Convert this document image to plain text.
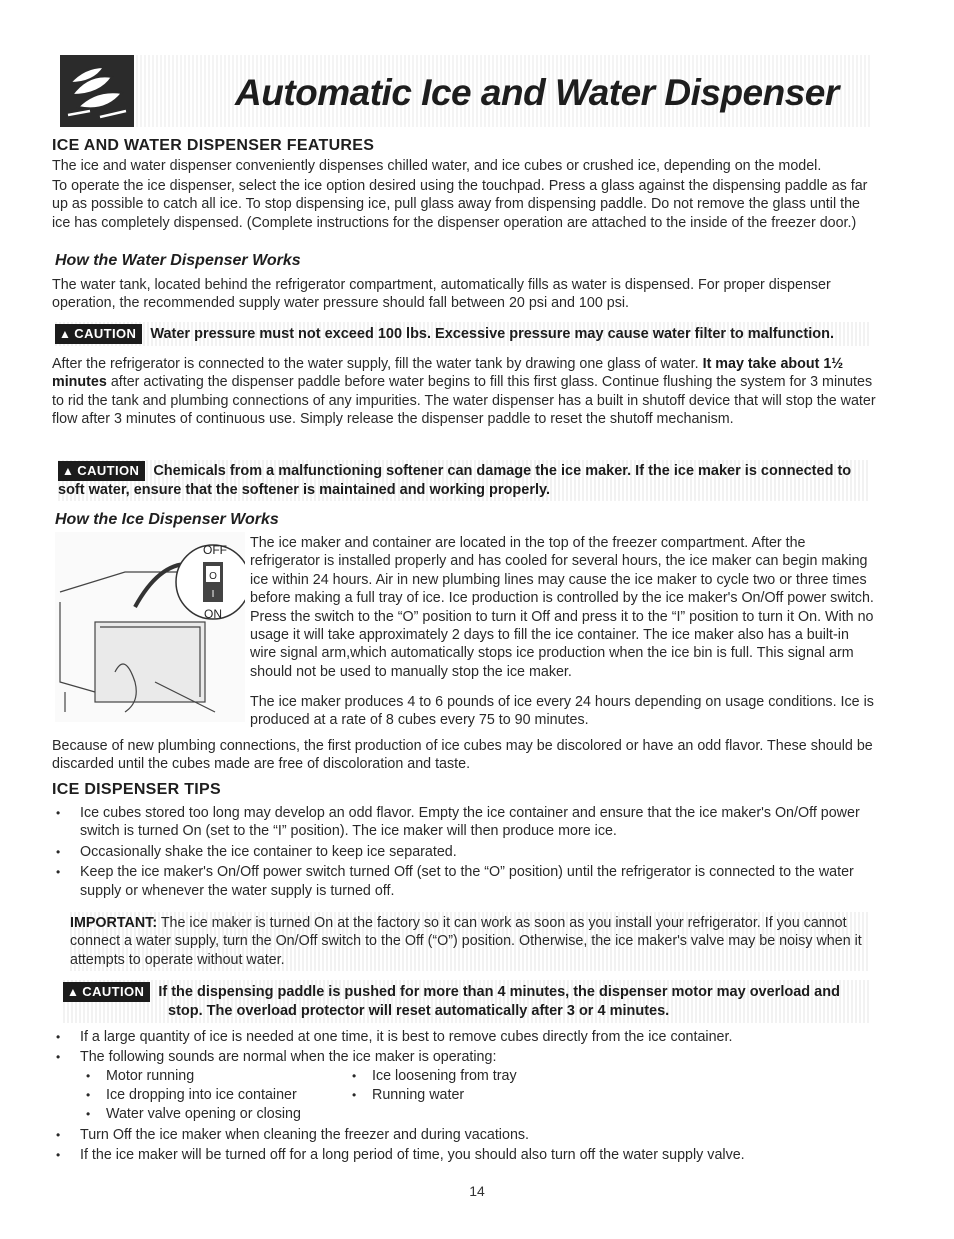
Automatic Ice and Water Dispenser
ICE AND WATER DISPENSER FEATURES
The ice and water dispenser conveniently dispenses chilled water, and ice cubes or crushed ice, depending on the model.
To operate the ice dispenser, select the ice option desired using the touchpad. Press a glass against the dispensing paddle as far up as possible to catch all ice. To stop dispensing ice, pull glass away from dispensing paddle. Do not remove the glass until the ice has completely dispensed. (Complete instructions for the dispenser operation are attached to the inside of the freezer door.)
How the Water Dispenser Works
The water tank, located behind the refrigerator compartment, automatically fills as water is dispensed. For proper dispenser operation, the recommended supply water pressure should fall between 20 psi and 100 psi.
▲ CAUTION Water pressure must not exceed 100 lbs. Excessive pressure may cause water filter to malfunction.
After the refrigerator is connected to the water supply, fill the water tank by drawing one glass of water. It may take about 1½ minutes after activating the dispenser paddle before water begins to fill this first glass. Continue flushing the system for 3 minutes to rid the tank and plumbing connections of any impurities. The water dispenser has a built in shutoff device that will stop the water flow after 3 minutes of continuous use. Simply release the dispenser paddle to reset the shutoff mechanism.
▲ CAUTION Chemicals from a malfunctioning softener can damage the ice maker. If the ice maker is connected to soft water, ensure that the softener is maintained and working properly.
How the Ice Dispenser Works
O
I
OFF
ON
The ice maker and container are located in the top of the freezer compartment. After the refrigerator is installed properly and has cooled for several hours, the ice maker can begin making ice within 24 hours. Air in new plumbing lines may cause the ice maker to cycle two or three times before making a full tray of ice. Ice production is controlled by the ice maker's On/Off power switch. Press the switch to the “O” position to turn it Off and press it to the “I” position to turn it On. With no usage it will take approximately 2 days to fill the ice container. The ice maker also has a built-in wire signal arm,which automatically stops ice production when the ice bin is full. This signal arm should not be used to manually stop the ice maker.
The ice maker produces 4 to 6 pounds of ice every 24 hours depending on usage conditions. Ice is produced at a rate of 8 cubes every 75 to 90 minutes.
Because of new plumbing connections, the first production of ice cubes may be discolored or have an odd flavor. These should be discarded until the cubes made are free of discoloration and taste.
ICE DISPENSER TIPS
• Ice cubes stored too long may develop an odd flavor. Empty the ice container and ensure that the ice maker's On/Off power switch is turned On (set to the “I” position). The ice maker will then produce more ice.
• Occasionally shake the ice container to keep ice separated.
• Keep the ice maker's On/Off power switch turned Off (set to the “O” position) until the refrigerator is connected to the water supply or whenever the water supply is turned off.
IMPORTANT: The ice maker is turned On at the factory so it can work as soon as you install your refrigerator. If you cannot connect a water supply, turn the On/Off switch to the Off (“O”) position. Otherwise, the ice maker's valve may be noisy when it attempts to operate without water.
▲ CAUTION If the dispensing paddle is pushed for more than 4 minutes, the dispenser motor may overload and stop. The overload protector will reset automatically after 3 or 4 minutes.
• If a large quantity of ice is needed at one time, it is best to remove cubes directly from the ice container.
• The following sounds are normal when the ice maker is operating:
• Motor running	• Ice loosening from tray
• Ice dropping into ice container	• Running water
• Water valve opening or closing
• Turn Off the ice maker when cleaning the freezer and during vacations.
• If the ice maker will be turned off for a long period of time, you should also turn off the water supply valve.
14
